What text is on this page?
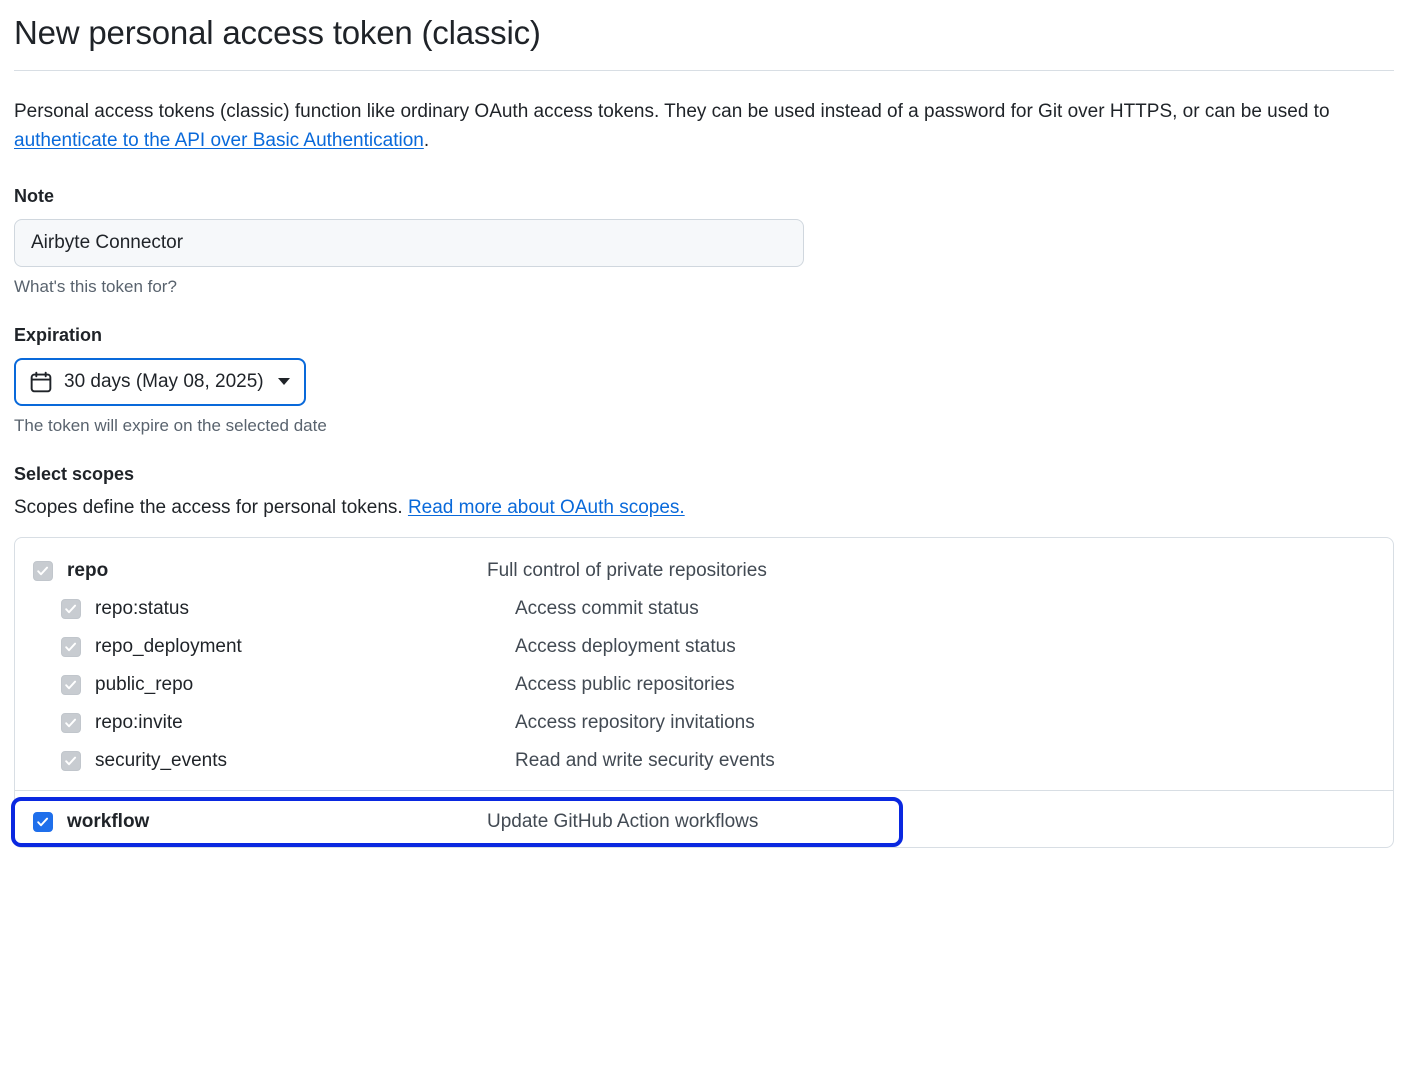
New personal access token (classic)

Personal access tokens (classic) function like ordinary OAuth access tokens. They can be used instead of a password for Git over HTTPS, or can be used to authenticate to the API over Basic Authentication.

Note
Airbyte Connector
What's this token for?
Expiration
30 days (May 08, 2025)
The token will expire on the selected date
Select scopes

Scopes define the access for personal tokens. Read more about OAuth scopes.

repo	Full control of private repositories
repo:status	Access commit status
repo_deployment	Access deployment status
public_repo	Access public repositories
repo:invite	Access repository invitations
security_events	Read and write security events
workflow	Update GitHub Action workflows
